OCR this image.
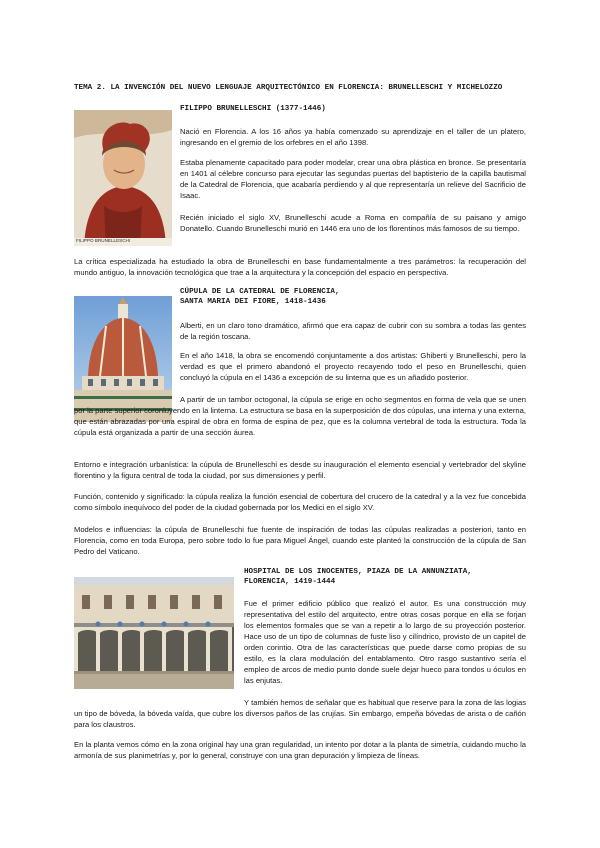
TEMA 2. LA INVENCIÓN DEL NUEVO LENGUAJE ARQUITECTÓNICO EN FLORENCIA: BRUNELLESCHI Y MICHELOZZO
FILIPPO BRUNELLESCHI
FILIPPO BRUNELLESCHI (1377-1446)

Nació en Florencia. A los 16 años ya había comenzado su aprendizaje en el taller de un platero, ingresando en el gremio de los orfebres en el año 1398.

Estaba plenamente capacitado para poder modelar, crear una obra plástica en bronce. Se presentaría en 1401 al célebre concurso para ejecutar las segundas puertas del baptisterio de la capilla bautismal de la Catedral de Florencia, que acabaría perdiendo y al que representaría un relieve del Sacrificio de Isaac.

Recién iniciado el siglo XV, Brunelleschi acude a Roma en compañía de su paisano y amigo Donatello. Cuando Brunelleschi murió en 1446 era uno de los florentinos más famosos de su tiempo.

La crítica especializada ha estudiado la obra de Brunelleschi en base fundamentalmente a tres parámetros: la recuperación del mundo antiguo, la innovación tecnológica que trae a la arquitectura y la concepción del espacio en perspectiva.

CÚPULA DE LA CATEDRAL DE FLORENCIA,
SANTA MARIA DEI FIORE, 1418-1436

Alberti, en un claro tono dramático, afirmó que era capaz de cubrir con su sombra a todas las gentes de la región toscana.

En el año 1418, la obra se encomendó conjuntamente a dos artistas: Ghiberti y Brunelleschi, pero la verdad es que el primero abandonó el proyecto recayendo todo el peso en Brunelleschi, quien concluyó la cúpula en el 1436 a excepción de su linterna que es un añadido posterior.

A partir de un tambor octogonal, la cúpula se erige en ocho segmentos en forma de vela que se unen por la parte superior coronluyendo en la linterna. La estructura se basa en la superposición de dos cúpulas, una interna y una externa, que están abrazadas por una espiral de obra en forma de espina de pez, que es la columna vertebral de toda la estructura. Toda la cúpula está organizada a partir de una sección áurea.

Entorno e integración urbanística: la cúpula de Brunelleschi es desde su inauguración el elemento esencial y vertebrador del skyline florentino y la figura central de toda la ciudad, por sus dimensiones y perfil.

Función, contenido y significado: la cúpula realiza la función esencial de cobertura del crucero de la catedral y a la vez fue concebida como símbolo inequívoco del poder de la ciudad gobernada por los Medici en el siglo XV.

Modelos e influencias: la cúpula de Brunelleschi fue fuente de inspiración de todas las cúpulas realizadas a posteriori, tanto en Florencia, como en toda Europa, pero sobre todo lo fue para Miguel Ángel, cuando este planteó la construcción de la cúpula de San Pedro del Vaticano.

HOSPITAL DE LOS INOCENTES, PIAZA DE LA ANNUNZIATA,
FLORENCIA, 1419-1444

Fue el primer edificio público que realizó el autor. Es una construcción muy representativa del estilo del arquitecto, entre otras cosas porque en ella se forjan los elementos formales que se van a repetir a lo largo de su proyección posterior. Hace uso de un tipo de columnas de fuste liso y cilíndrico, provisto de un capitel de orden corintio. Otra de las características que puede darse como propias de su estilo, es la clara modulación del entablamento. Otro rasgo sustantivo sería el empleo de arcos de medio punto donde suele dejar hueco para tondos u óculos en las enjutas.

Y también hemos de señalar que es habitual que reserve para la zona de las logias un tipo de bóveda, la bóveda vaída, que cubre los diversos paños de las crujías. Sin embargo, empeña bóvedas de arista o de cañón para los claustros.

En la planta vemos cómo en la zona original hay una gran regularidad, un intento por dotar a la planta de simetría, cuidando mucho la armonía de sus planimetrías y, por lo general, construye con una gran depuración y limpieza de líneas.
